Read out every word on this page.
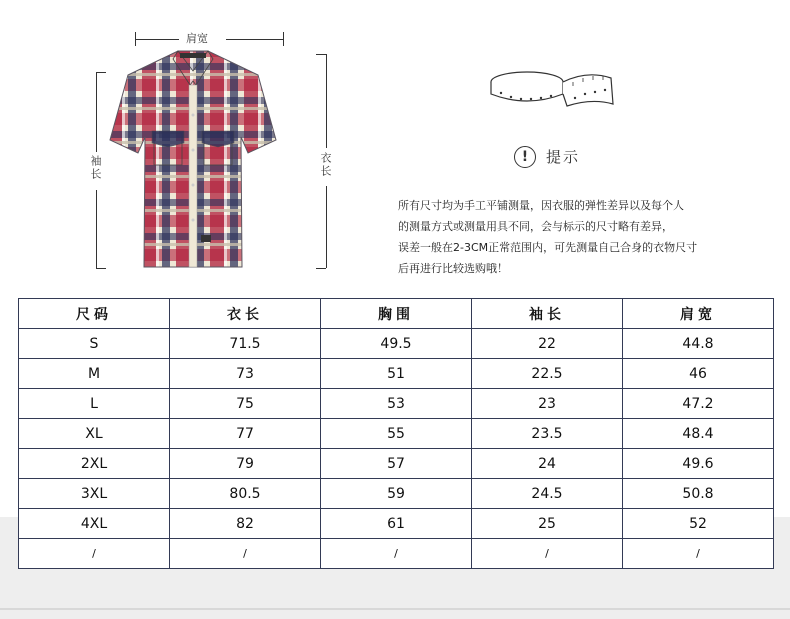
肩宽
袖长	衣长	!	提示
所有尺寸均为手工平铺测量，因衣服的弹性差异以及每个人
的测量方式或测量用具不同，会与标示的尺寸略有差异，
误差一般在2-3CM正常范围内，可先测量自己合身的衣物尺寸
后再进行比较选购哦！
尺码	衣长	胸围	袖长	肩宽
S	71.5	49.5	22	44.8
M	73	51	22.5	46
L	75	53	23	47.2
XL	77	55	23.5	48.4
2XL	79	57	24	49.6
3XL	80.5	59	24.5	50.8
4XL	82	61	25	52
/	/	/	/	/
